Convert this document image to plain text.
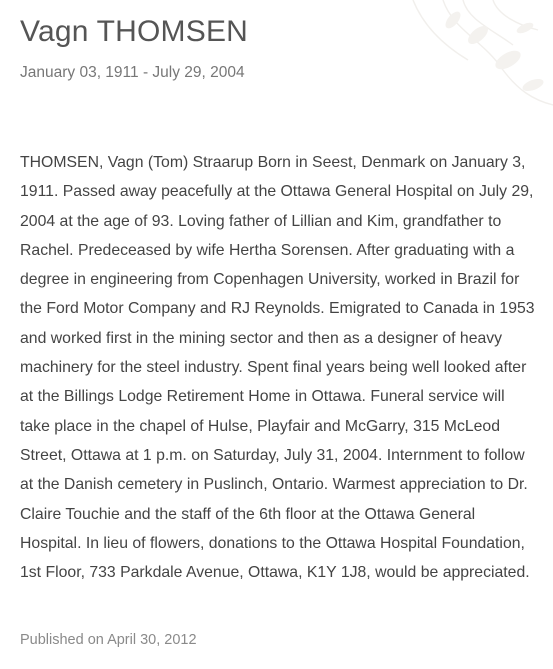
Vagn THOMSEN
January 03, 1911 - July 29, 2004

THOMSEN, Vagn (Tom) Straarup Born in Seest, Denmark on January 3, 1911. Passed away peacefully at the Ottawa General Hospital on July 29, 2004 at the age of 93. Loving father of Lillian and Kim, grandfather to Rachel. Predeceased by wife Hertha Sorensen. After graduating with a degree in engineering from Copenhagen University, worked in Brazil for the Ford Motor Company and RJ Reynolds. Emigrated to Canada in 1953 and worked first in the mining sector and then as a designer of heavy machinery for the steel industry. Spent final years being well looked after at the Billings Lodge Retirement Home in Ottawa. Funeral service will take place in the chapel of Hulse, Playfair and McGarry, 315 McLeod Street, Ottawa at 1 p.m. on Saturday, July 31, 2004. Internment to follow at the Danish cemetery in Puslinch, Ontario. Warmest appreciation to Dr. Claire Touchie and the staff of the 6th floor at the Ottawa General Hospital. In lieu of flowers, donations to the Ottawa Hospital Foundation, 1st Floor, 733 Parkdale Avenue, Ottawa, K1Y 1J8, would be appreciated.

Published on April 30, 2012
